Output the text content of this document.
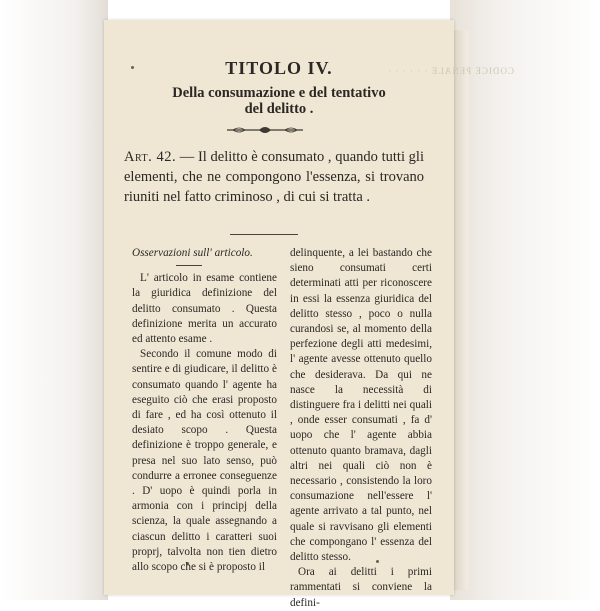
CODICE PENALE · · · · · ·
TITOLO IV.
Della consumazione e del tentativo
del delitto .
Art. 42. — Il delitto è consumato , quando tutti gli elementi, che ne compongono l'essenza, si trovano riuniti nel fatto criminoso , di cui si tratta .
Osservazioni sull' articolo.

L' articolo in esame contiene la giuridica definizione del delitto consumato . Questa definizione merita un accurato ed attento esame .

Secondo il comune modo di sentire e di giudicare, il delitto è consumato quando l' agente ha eseguito ciò che erasi proposto di fare , ed ha così ottenuto il desiato scopo . Questa definizione è troppo generale, e presa nel suo lato senso, può condurre a erronee conseguenze . D' uopo è quindi porla in armonia con i principj della scienza, la quale assegnando a ciascun delitto i caratteri suoi proprj, talvolta non tien dietro allo scopo che si è proposto il

delinquente, a lei bastando che sieno consumati certi determinati atti per riconoscere in essi la essenza giuridica del delitto stesso , poco o nulla curandosi se, al momento della perfezione degli atti medesimi, l' agente avesse ottenuto quello che desiderava. Da qui ne nasce la necessità di distinguere fra i delitti nei quali , onde esser consumati , fa d' uopo che l' agente abbia ottenuto quanto bramava, dagli altri nei quali ciò non è necessario , consistendo la loro consumazione nell'essere l' agente arrivato a tal punto, nel quale si ravvisano gli elementi che compongano l' essenza del delitto stesso.

Ora ai delitti i primi rammentati si conviene la defini-
